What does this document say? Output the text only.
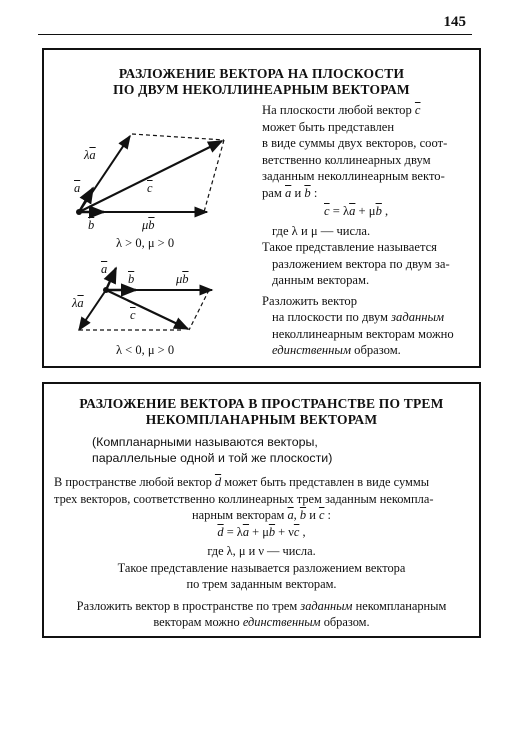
145
РАЗЛОЖЕНИЕ ВЕКТОРА НА ПЛОСКОСТИ
ПО ДВУМ НЕКОЛЛИНЕАРНЫМ ВЕКТОРАМ
$\lambda\overline{a}$
$\overline{a}$	$\overline{c}$
$\overline{b}$	$\mu\overline{b}$
λ > 0, μ > 0
$\overline{a}$
$\overline{b}$	$\mu\overline{b}$
$\lambda\overline{a}$
$\overline{c}$
λ < 0, μ > 0
На плоскости любой вектор $\overline{c}$
может быть представлен
в виде суммы двух векторов, соот-
ветственно коллинеарных двум
заданным неколлинеарным векто-
рам $\overline{a}$ и $\overline{b}$ :
$\overline{c} = \lambda\overline{a} + \mu\overline{b}$ ,
где λ и μ — числа.
Такое представление называется
разложением вектора по двум за-
данным векторам.
Разложить вектор
на плоскости по двум заданным
неколлинеарным векторам можно
единственным образом.
РАЗЛОЖЕНИЕ ВЕКТОРА В ПРОСТРАНСТВЕ ПО ТРЕМ
НЕКОМПЛАНАРНЫМ ВЕКТОРАМ
(Компланарными называются векторы,
параллельные одной и той же плоскости)
В пространстве любой вектор $\overline{d}$ может быть представлен в виде суммы
трех векторов, соответственно коллинеарных трем заданным некомпла-
нарным векторам $\overline{a}$, $\overline{b}$ и $\overline{c}$ :
$\overline{d} = \lambda\overline{a} + \mu\overline{b} + \nu\overline{c}$ ,
где λ, μ и ν — числа.
Такое представление называется разложением вектора
по трем заданным векторам.
Разложить вектор в пространстве по трем заданным некомпланарным
векторам можно единственным образом.
